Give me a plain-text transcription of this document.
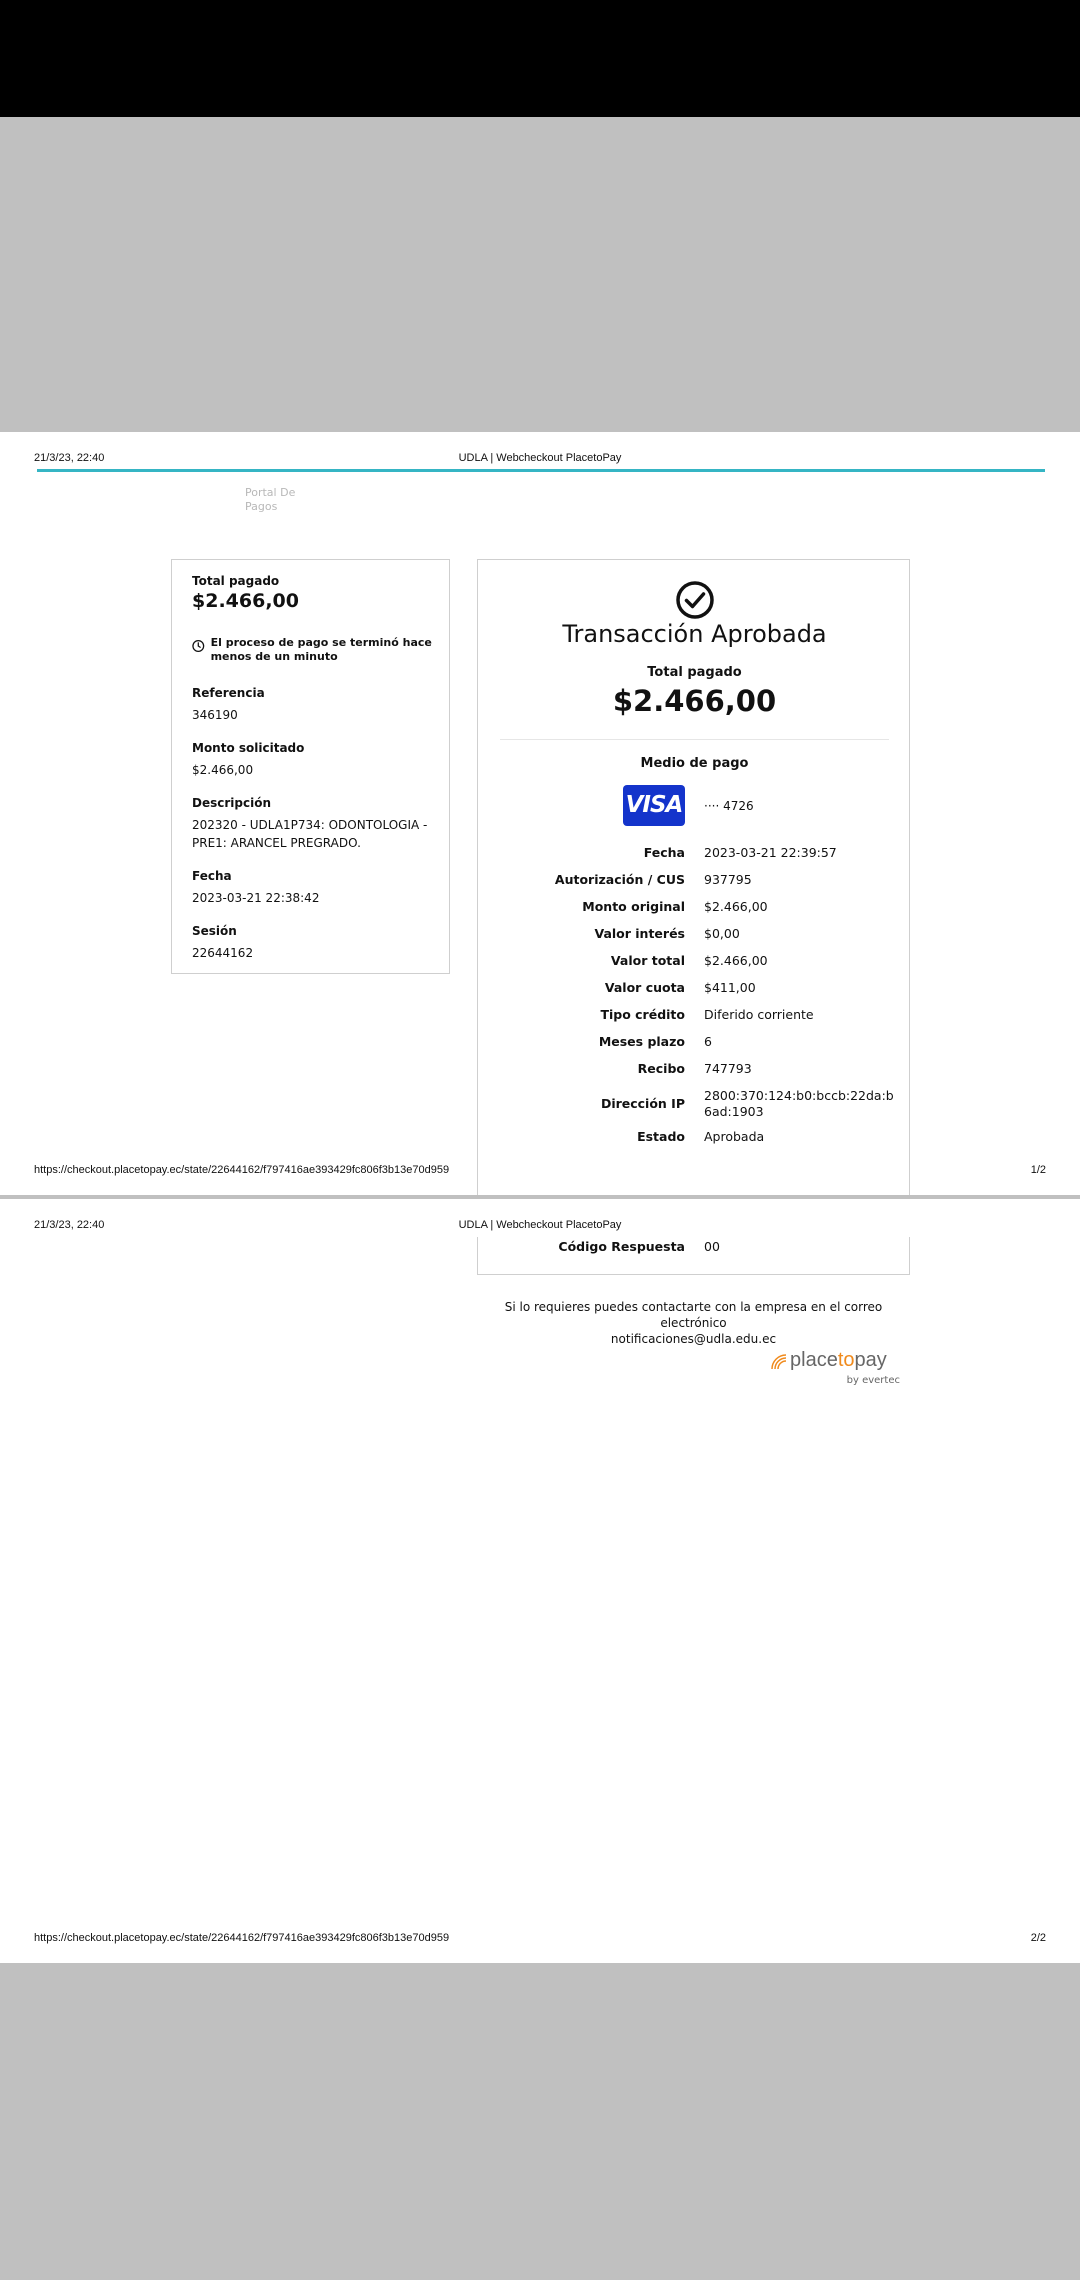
21/3/23, 22:40	UDLA | Webcheckout PlacetoPay
Portal De Pagos
Total pagado
$2.466,00
El proceso de pago se terminó hace menos de un minuto
Referencia
346190
Monto solicitado
$2.466,00
Descripción
202320 - UDLA1P734: ODONTOLOGIA - PRE1: ARANCEL PREGRADO.
Fecha
2023-03-21 22:38:42
Sesión
22644162
Transacción Aprobada
Total pagado
$2.466,00
Medio de pago
VISA ···· 4726
Fecha 2023-03-21 22:39:57
Autorización / CUS 937795
Monto original $2.466,00
Valor interés $0,00
Valor total $2.466,00
Valor cuota $411,00
Tipo crédito Diferido corriente
Meses plazo 6
Recibo 747793
Dirección IP
2800:370:124:b0:bccb:22da:b6ad:1903
Estado Aprobada
https://checkout.placetopay.ec/state/22644162/f797416ae393429fc806f3b13e70d959	1/2
21/3/23, 22:40	UDLA | Webcheckout PlacetoPay
Código Respuesta 00
Si lo requieres puedes contactarte con la empresa en el correo electrónico
notificaciones@udla.edu.ec
placetopay
by evertec
https://checkout.placetopay.ec/state/22644162/f797416ae393429fc806f3b13e70d959	2/2
